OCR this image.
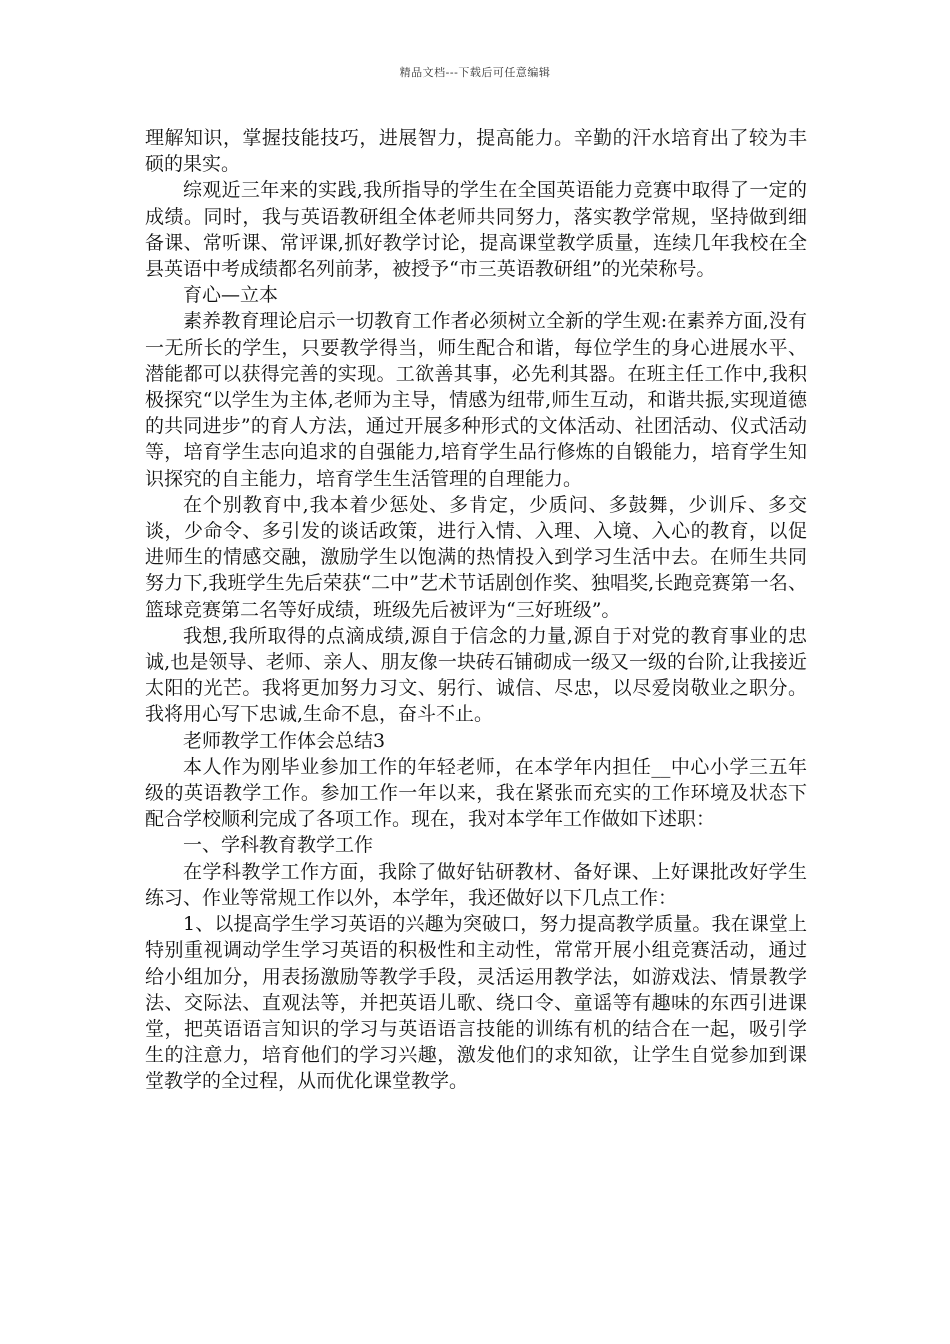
精品文档---下载后可任意编辑

理解知识，掌握技能技巧，进展智力，提高能力。辛勤的汗水培育出了较为丰硕的果实。

综观近三年来的实践,我所指导的学生在全国英语能力竞赛中取得了一定的成绩。同时，我与英语教研组全体老师共同努力，落实教学常规，坚持做到细备课、常听课、常评课,抓好教学讨论，提高课堂教学质量，连续几年我校在全县英语中考成绩都名列前茅，被授予“市三英语教研组”的光荣称号。

育心—立本

素养教育理论启示一切教育工作者必须树立全新的学生观:在素养方面,没有一无所长的学生，只要教学得当，师生配合和谐，每位学生的身心进展水平、潜能都可以获得完善的实现。工欲善其事，必先利其器。在班主任工作中,我积极探究“以学生为主体,老师为主导，情感为纽带,师生互动，和谐共振,实现道德的共同进步”的育人方法，通过开展多种形式的文体活动、社团活动、仪式活动等，培育学生志向追求的自强能力,培育学生品行修炼的自锻能力，培育学生知识探究的自主能力，培育学生生活管理的自理能力。

在个别教育中,我本着少惩处、多肯定，少质问、多鼓舞，少训斥、多交谈，少命令、多引发的谈话政策，进行入情、入理、入境、入心的教育，以促进师生的情感交融，激励学生以饱满的热情投入到学习生活中去。在师生共同努力下,我班学生先后荣获“二中”艺术节话剧创作奖、独唱奖,长跑竞赛第一名、篮球竞赛第二名等好成绩，班级先后被评为“三好班级”。

我想,我所取得的点滴成绩,源自于信念的力量,源自于对党的教育事业的忠诚,也是领导、老师、亲人、朋友像一块砖石铺砌成一级又一级的台阶,让我接近太阳的光芒。我将更加努力习文、躬行、诚信、尽忠，以尽爱岗敬业之职分。我将用心写下忠诚,生命不息，奋斗不止。

老师教学工作体会总结3

本人作为刚毕业参加工作的年轻老师，在本学年内担任__中心小学三五年级的英语教学工作。参加工作一年以来，我在紧张而充实的工作环境及状态下配合学校顺利完成了各项工作。现在，我对本学年工作做如下述职：

一、学科教育教学工作

在学科教学工作方面，我除了做好钻研教材、备好课、上好课批改好学生练习、作业等常规工作以外，本学年，我还做好以下几点工作：

1、以提高学生学习英语的兴趣为突破口，努力提高教学质量。我在课堂上特别重视调动学生学习英语的积极性和主动性，常常开展小组竞赛活动，通过给小组加分，用表扬激励等教学手段，灵活运用教学法，如游戏法、情景教学法、交际法、直观法等，并把英语儿歌、绕口令、童谣等有趣味的东西引进课堂，把英语语言知识的学习与英语语言技能的训练有机的结合在一起，吸引学生的注意力，培育他们的学习兴趣，激发他们的求知欲，让学生自觉参加到课堂教学的全过程，从而优化课堂教学。
